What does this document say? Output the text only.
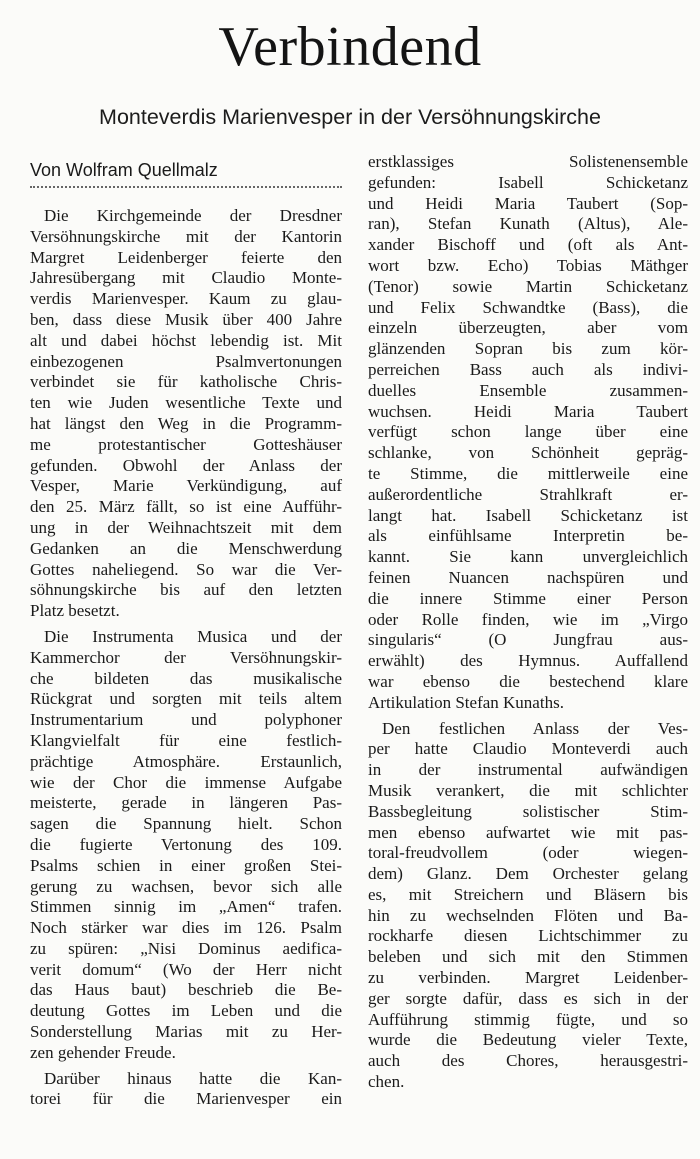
Verbindend
Monteverdis Marienvesper in der Versöhnungskirche
Von Wolfram Quellmalz
Die Kirchgemeinde der Dresdner
Versöhnungskirche mit der Kantorin
Margret Leidenberger feierte den
Jahresübergang mit Claudio Monte-
verdis Marienvesper. Kaum zu glau-
ben, dass diese Musik über 400 Jahre
alt und dabei höchst lebendig ist. Mit
einbezogenen Psalmvertonungen
verbindet sie für katholische Chris-
ten wie Juden wesentliche Texte und
hat längst den Weg in die Programm-
me protestantischer Gotteshäuser
gefunden. Obwohl der Anlass der
Vesper, Marie Verkündigung, auf
den 25. März fällt, so ist eine Aufführ-
ung in der Weihnachtszeit mit dem
Gedanken an die Menschwerdung
Gottes naheliegend. So war die Ver-
söhnungskirche bis auf den letzten
Platz besetzt.
Die Instrumenta Musica und der
Kammerchor der Versöhnungskir-
che bildeten das musikalische
Rückgrat und sorgten mit teils altem
Instrumentarium und polyphoner
Klangvielfalt für eine festlich-
prächtige Atmosphäre. Erstaunlich,
wie der Chor die immense Aufgabe
meisterte, gerade in längeren Pas-
sagen die Spannung hielt. Schon
die fugierte Vertonung des 109.
Psalms schien in einer großen Stei-
gerung zu wachsen, bevor sich alle
Stimmen sinnig im „Amen“ trafen.
Noch stärker war dies im 126. Psalm
zu spüren: „Nisi Dominus aedifica-
verit domum“ (Wo der Herr nicht
das Haus baut) beschrieb die Be-
deutung Gottes im Leben und die
Sonderstellung Marias mit zu Her-
zen gehender Freude.
Darüber hinaus hatte die Kan-
torei für die Marienvesper ein
erstklassiges Solistenensemble
gefunden: Isabell Schicketanz
und Heidi Maria Taubert (Sop-
ran), Stefan Kunath (Altus), Ale-
xander Bischoff und (oft als Ant-
wort bzw. Echo) Tobias Mäthger
(Tenor) sowie Martin Schicketanz
und Felix Schwandtke (Bass), die
einzeln überzeugten, aber vom
glänzenden Sopran bis zum kör-
perreichen Bass auch als indivi-
duelles Ensemble zusammen-
wuchsen. Heidi Maria Taubert
verfügt schon lange über eine
schlanke, von Schönheit gepräg-
te Stimme, die mittlerweile eine
außerordentliche Strahlkraft er-
langt hat. Isabell Schicketanz ist
als einfühlsame Interpretin be-
kannt. Sie kann unvergleichlich
feinen Nuancen nachspüren und
die innere Stimme einer Person
oder Rolle finden, wie im „Virgo
singularis“ (O Jungfrau aus-
erwählt) des Hymnus. Auffallend
war ebenso die bestechend klare
Artikulation Stefan Kunaths.
Den festlichen Anlass der Ves-
per hatte Claudio Monteverdi auch
in der instrumental aufwändigen
Musik verankert, die mit schlichter
Bassbegleitung solistischer Stim-
men ebenso aufwartet wie mit pas-
toral-freudvollem (oder wiegen-
dem) Glanz. Dem Orchester gelang
es, mit Streichern und Bläsern bis
hin zu wechselnden Flöten und Ba-
rockharfe diesen Lichtschimmer zu
beleben und sich mit den Stimmen
zu verbinden. Margret Leidenber-
ger sorgte dafür, dass es sich in der
Aufführung stimmig fügte, und so
wurde die Bedeutung vieler Texte,
auch des Chores, herausgestri-
chen.
